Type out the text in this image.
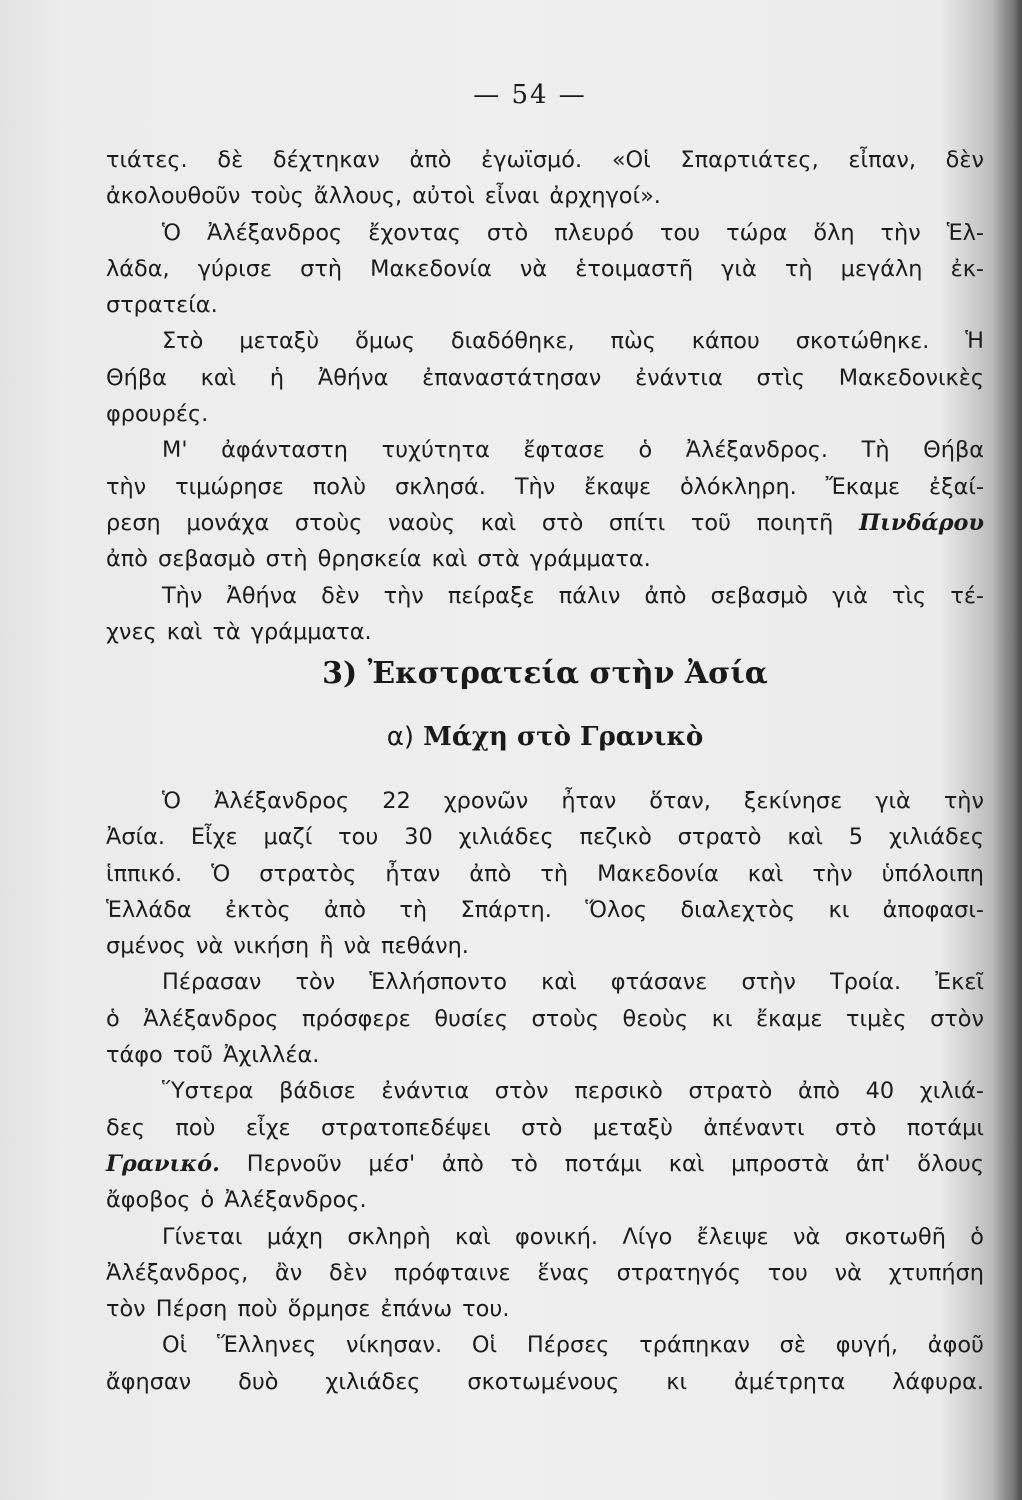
— 54 —
τιάτες. δὲ δέχτηκαν ἀπὸ ἐγωϊσμό. «Οἱ Σπαρτιάτες, εἶπαν, δὲν
ἀκολουθοῦν τοὺς ἄλλους, αὐτοὶ εἶναι ἀρχηγοί».
Ὁ Ἀλέξανδρος ἔχοντας στὸ πλευρό του τώρα ὅλη τὴν Ἑλ-
λάδα, γύρισε στὴ Μακεδονία νὰ ἑτοιμαστῆ γιὰ τὴ μεγάλη ἐκ-
στρατεία.
Στὸ μεταξὺ ὅμως διαδόθηκε, πὼς κάπου σκοτώθηκε. Ἡ
Θήβα καὶ ἡ Ἀθήνα ἐπαναστάτησαν ἐνάντια στὶς Μακεδονικὲς
φρουρές.
Μ' ἀφάνταστη τυχύτητα ἔφτασε ὁ Ἀλέξανδρος. Τὴ Θήβα
τὴν τιμώρησε πολὺ σκλησά. Τὴν ἔκαψε ὁλόκληρη. Ἔκαμε ἐξαί-
ρεση μονάχα στοὺς ναοὺς καὶ στὸ σπίτι τοῦ ποιητῆ Πινδάρου
ἀπὸ σεβασμὸ στὴ θρησκεία καὶ στὰ γράμματα.
Τὴν Ἀθήνα δὲν τὴν πείραξε πάλιν ἀπὸ σεβασμὸ γιὰ τὶς τέ-
χνες καὶ τὰ γράμματα.
3) Ἐκστρατεία στὴν Ἀσία
α) Μάχη στὸ Γρανικὸ
Ὁ Ἀλέξανδρος 22 χρονῶν ἦταν ὅταν, ξεκίνησε γιὰ τὴν
Ἀσία. Εἶχε μαζί του 30 χιλιάδες πεζικὸ στρατὸ καὶ 5 χιλιάδες
ἱππικό. Ὁ στρατὸς ἦταν ἀπὸ τὴ Μακεδονία καὶ τὴν ὑπόλοιπη
Ἑλλάδα ἐκτὸς ἀπὸ τὴ Σπάρτη. Ὅλος διαλεχτὸς κι ἀποφασι-
σμένος νὰ νικήση ἢ νὰ πεθάνη.
Πέρασαν τὸν Ἑλλήσποντο καὶ φτάσανε στὴν Τροία. Ἐκεῖ
ὁ Ἀλέξανδρος πρόσφερε θυσίες στοὺς θεοὺς κι ἔκαμε τιμὲς στὸν
τάφο τοῦ Ἀχιλλέα.
Ὕστερα βάδισε ἐνάντια στὸν περσικὸ στρατὸ ἀπὸ 40 χιλιά-
δες ποὺ εἶχε στρατοπεδέψει στὸ μεταξὺ ἀπέναντι στὸ ποτάμι
Γρανικό. Περνοῦν μέσ' ἀπὸ τὸ ποτάμι καὶ μπροστὰ ἀπ' ὅλους
ἄφοβος ὁ Ἀλέξανδρος.
Γίνεται μάχη σκληρὴ καὶ φονική. Λίγο ἔλειψε νὰ σκοτωθῆ ὁ
Ἀλέξανδρος, ἂν δὲν πρόφταινε ἕνας στρατηγός του νὰ χτυπήση
τὸν Πέρση ποὺ ὅρμησε ἐπάνω του.
Οἱ Ἕλληνες νίκησαν. Οἱ Πέρσες τράπηκαν σὲ φυγή, ἀφοῦ
ἄφησαν δυὸ χιλιάδες σκοτωμένους κι ἀμέτρητα λάφυρα.
